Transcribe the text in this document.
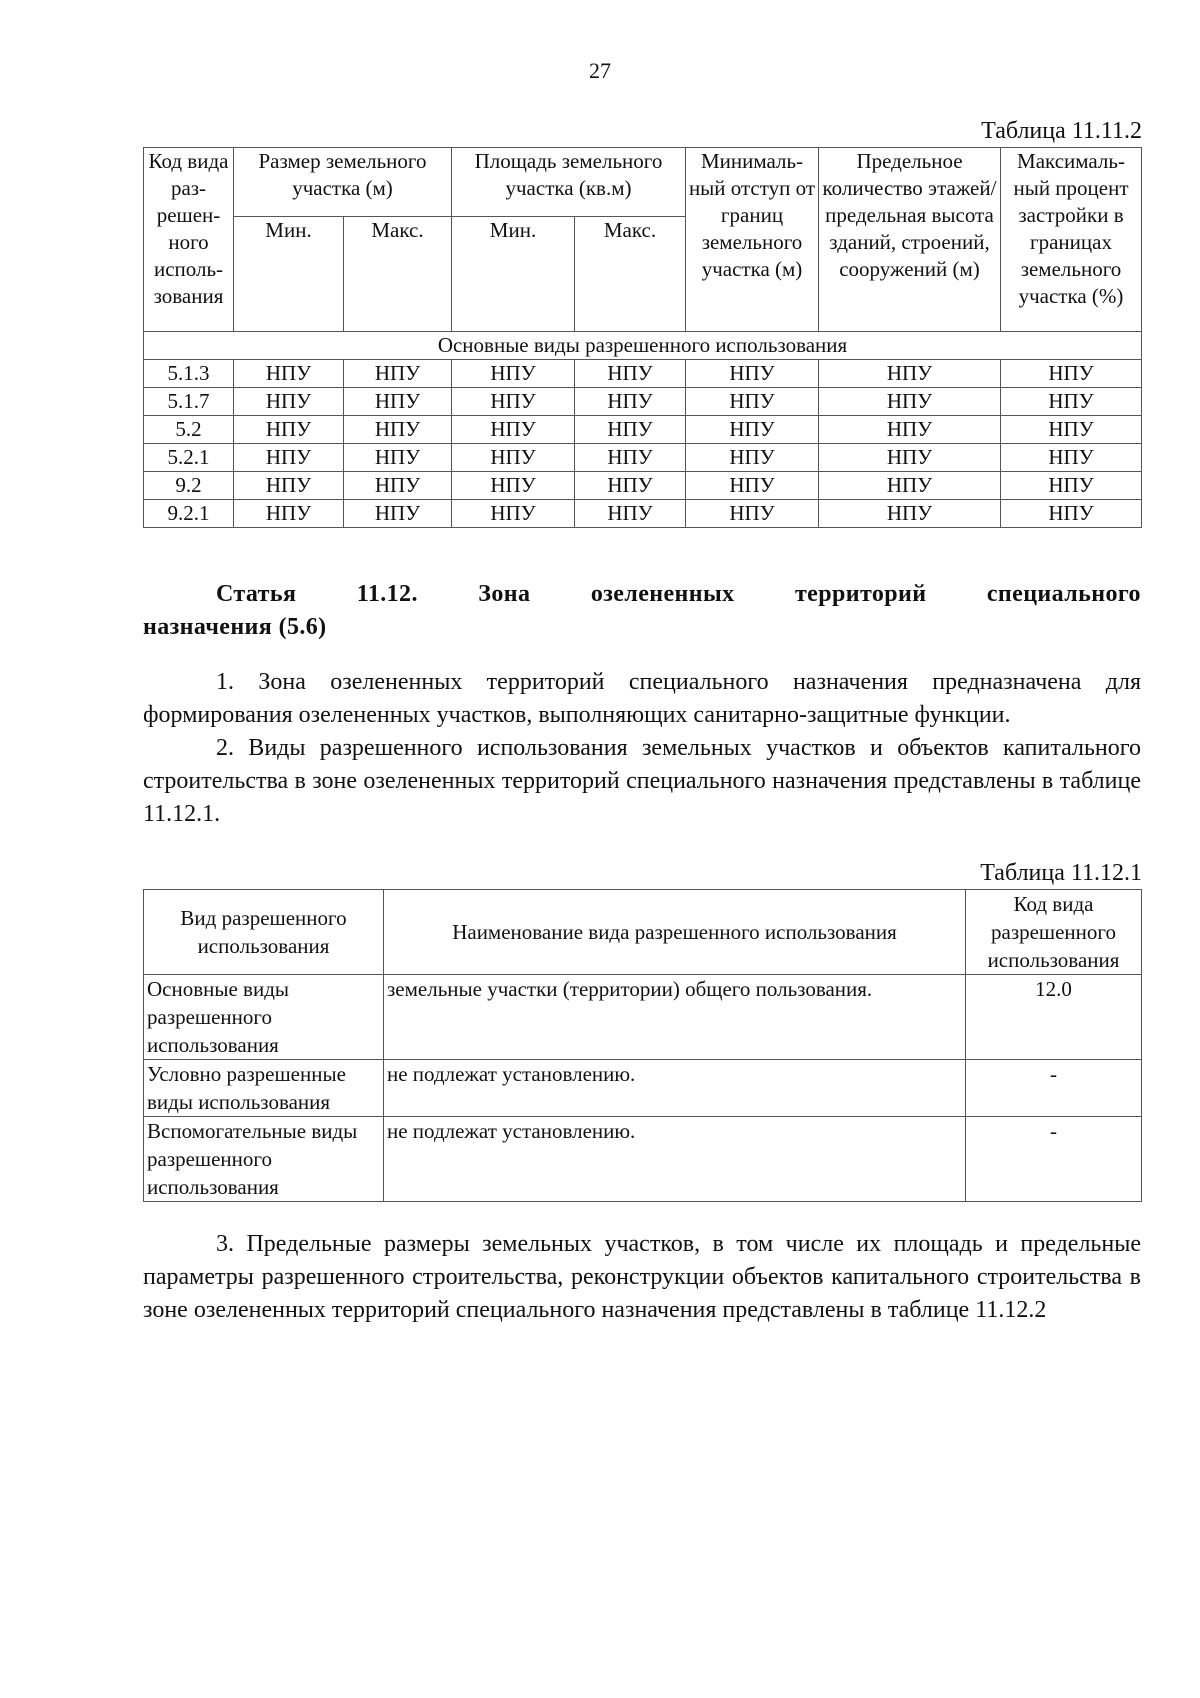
27
Таблица 11.11.2
Код вида раз- решен- ного исполь- зования	Размер земельного участка (м)		Площадь земельного участка (кв.м)		Минималь- ный отступ от границ земельного участка (м)	Предельное количество этажей/ предельная высота зданий, строений, сооружений (м)	Максималь- ный процент застройки в границах земельного участка (%)
	Мин.	Макс.	Мин.	Макс.			
Основные виды разрешенного использования							
5.1.3	НПУ	НПУ	НПУ	НПУ	НПУ	НПУ	НПУ
5.1.7	НПУ	НПУ	НПУ	НПУ	НПУ	НПУ	НПУ
5.2	НПУ	НПУ	НПУ	НПУ	НПУ	НПУ	НПУ
5.2.1	НПУ	НПУ	НПУ	НПУ	НПУ	НПУ	НПУ
9.2	НПУ	НПУ	НПУ	НПУ	НПУ	НПУ	НПУ
9.2.1	НПУ	НПУ	НПУ	НПУ	НПУ	НПУ	НПУ
Статья	11.12.	Зона	озелененных	территорий	специального
назначения (5.6)

1. Зона озелененных территорий специального назначения предназначена для формирования озелененных участков, выполняющих санитарно-защитные функции.

2. Виды разрешенного использования земельных участков и объектов капитального строительства в зоне озелененных территорий специального назначения представлены в таблице 11.12.1.

Таблица 11.12.1
Вид разрешенного использования	Наименование вида разрешенного использования	Код вида разрешенного использования
Основные виды разрешенного использования	земельные участки (территории) общего пользования.	12.0
Условно разрешенные виды использования	не подлежат установлению.	-
Вспомогательные виды разрешенного использования	не подлежат установлению.	-

3. Предельные размеры земельных участков, в том числе их площадь и предельные параметры разрешенного строительства, реконструкции объектов капитального строительства в зоне озелененных территорий специального назначения представлены в таблице 11.12.2
